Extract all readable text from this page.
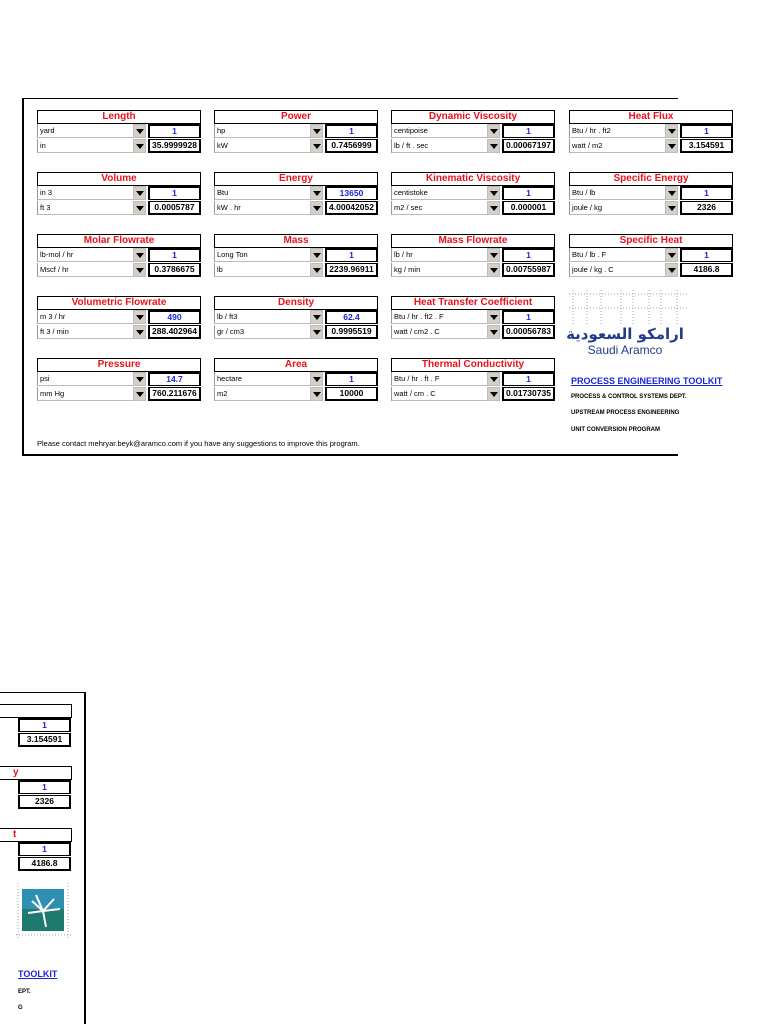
Length
yard	1
in	35.9999928
Power
hp	1
kW	0.7456999
Dynamic Viscosity
centipoise	1
lb / ft . sec	0.00067197
Heat Flux
Btu / hr . ft2	1
watt / m2	3.154591
Volume
in 3	1
ft 3	0.0005787
Energy
Btu	13650
kW . hr	4.00042052
Kinematic Viscosity
centistoke	1
m2 / sec	0.000001
Specific Energy
Btu / lb	1
joule / kg	2326
Molar Flowrate
lb-mol / hr	1
Mscf / hr	0.3786675
Mass
Long Ton	1
lb	2239.96911
Mass Flowrate
lb / hr	1
kg / min	0.00755987
Specific Heat
Btu / lb . F	1
joule / kg . C	4186.8
Volumetric Flowrate
m 3 / hr	490
ft 3 / min	288.402964
Density
lb / ft3	62.4
gr / cm3	0.9995519
Heat Transfer Coefficient
Btu / hr . ft2 . F	1
watt / cm2 . C	0.00056783
Pressure
psi	14.7
mm Hg	760.211676
Area
hectare	1
m2	10000
Thermal Conductivity
Btu / hr . ft . F	1
watt / cm . C	0.01730735
Please contact mehryar.beyk@aramco.com if you have any suggestions to improve this program.
ارامكو السعودية
Saudi Aramco
PROCESS ENGINEERING TOOLKIT
PROCESS & CONTROL SYSTEMS DEPT.
UPSTREAM PROCESS ENGINEERING
UNIT CONVERSION PROGRAM
1
3.154591
y
1
2326
t
1
4186.8
TOOLKIT
EPT.
G
